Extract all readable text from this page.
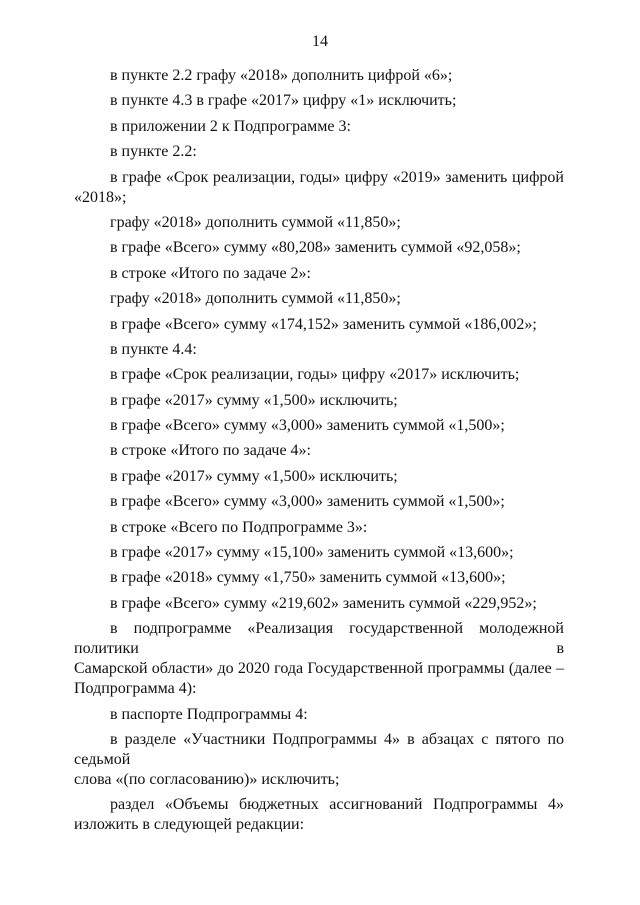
14
в пункте 2.2 графу «2018» дополнить цифрой «6»;
в пункте 4.3 в графе «2017» цифру «1» исключить;
в приложении 2 к Подпрограмме 3:
в пункте 2.2:
в графе «Срок реализации, годы» цифру «2019» заменить цифрой
«2018»;
графу «2018» дополнить суммой «11,850»;
в графе «Всего» сумму «80,208» заменить суммой «92,058»;
в строке «Итого по задаче 2»:
графу «2018» дополнить суммой «11,850»;
в графе «Всего» сумму «174,152» заменить суммой «186,002»;
в пункте 4.4:
в графе «Срок реализации, годы» цифру «2017» исключить;
в графе «2017» сумму «1,500» исключить;
в графе «Всего» сумму «3,000» заменить суммой «1,500»;
в строке «Итого по задаче 4»:
в графе «2017» сумму «1,500» исключить;
в графе «Всего» сумму «3,000» заменить суммой «1,500»;
в строке «Всего по Подпрограмме 3»:
в графе «2017» сумму «15,100» заменить суммой «13,600»;
в графе «2018» сумму «1,750» заменить суммой «13,600»;
в графе «Всего» сумму «219,602» заменить суммой «229,952»;
в подпрограмме «Реализация государственной молодежной политики в
Самарской области» до 2020 года Государственной программы (далее –
Подпрограмма 4):
в паспорте Подпрограммы 4:
в разделе «Участники Подпрограммы 4» в абзацах с пятого по седьмой
слова «(по согласованию)» исключить;
раздел «Объемы бюджетных ассигнований Подпрограммы 4»
изложить в следующей редакции:
